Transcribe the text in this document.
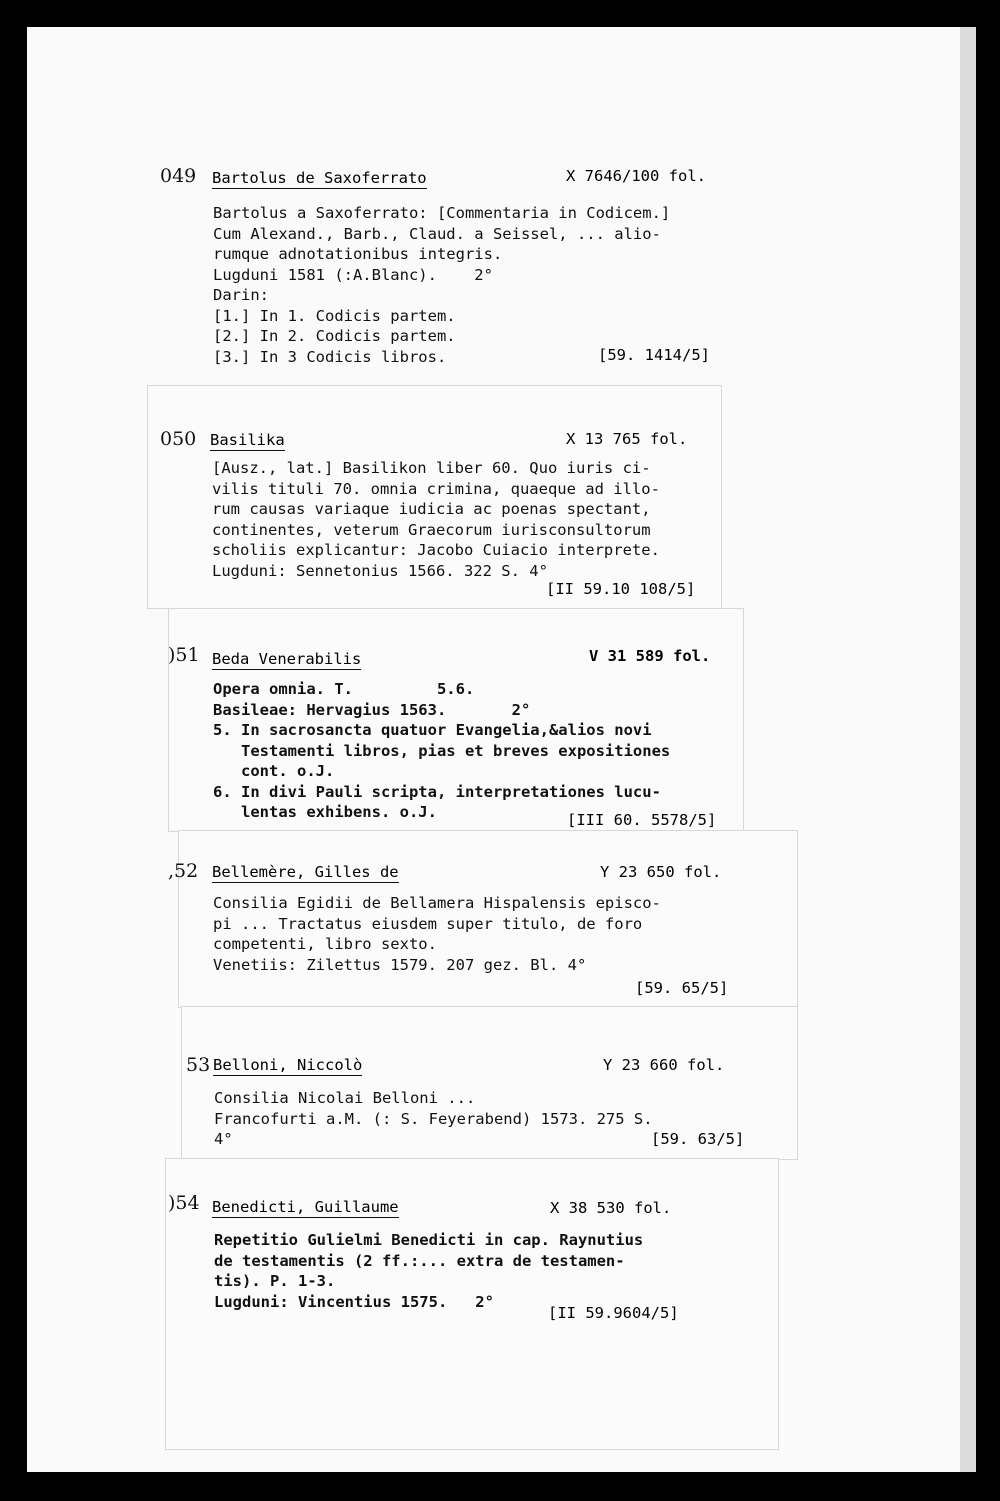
049 Bartolus de Saxoferrato	X 7646/100 fol.
Bartolus a Saxoferrato: [Commentaria in Codicem.]
Cum Alexand., Barb., Claud. a Seissel, ... alio-
rumque adnotationibus integris.
Lugduni 1581 (:A.Blanc).    2°
Darin:
[1.] In 1. Codicis partem.
[2.] In 2. Codicis partem.
[3.] In 3 Codicis libros.	[59. 1414/5]
050 Basilika	X 13 765 fol.
[Ausz., lat.] Basilikon liber 60. Quo iuris ci-
vilis tituli 70. omnia crimina, quaeque ad illo-
rum causas variaque iudicia ac poenas spectant,
continentes, veterum Graecorum iurisconsultorum
scholiis explicantur: Jacobo Cuiacio interprete.
Lugduni: Sennetonius 1566. 322 S. 4°
[II 59.10 108/5]
)51 Beda Venerabilis	V 31 589 fol.
Opera omnia. T.         5.6.
Basileae: Hervagius 1563.       2°
5. In sacrosancta quatuor Evangelia,&alios novi
Testamenti libros, pias et breves expositiones
cont. o.J.
6. In divi Pauli scripta, interpretationes lucu-
lentas exhibens. o.J.	[III 60. 5578/5]
,52 Bellemère, Gilles de	Y 23 650 fol.
Consilia Egidii de Bellamera Hispalensis episco-
pi ... Tractatus eiusdem super titulo, de foro
competenti, libro sexto.
Venetiis: Zilettus 1579. 207 gez. Bl. 4°
[59. 65/5]
53 Belloni, Niccolò	Y 23 660 fol.
Consilia Nicolai Belloni ...
Francofurti a.M. (: S. Feyerabend) 1573. 275 S.
4°	[59. 63/5]
)54 Benedicti, Guillaume	X 38 530 fol.
Repetitio Gulielmi Benedicti in cap. Raynutius
de testamentis (2 ff.:... extra de testamen-
tis). P. 1-3.
Lugduni: Vincentius 1575.   2°
[II 59.9604/5]
